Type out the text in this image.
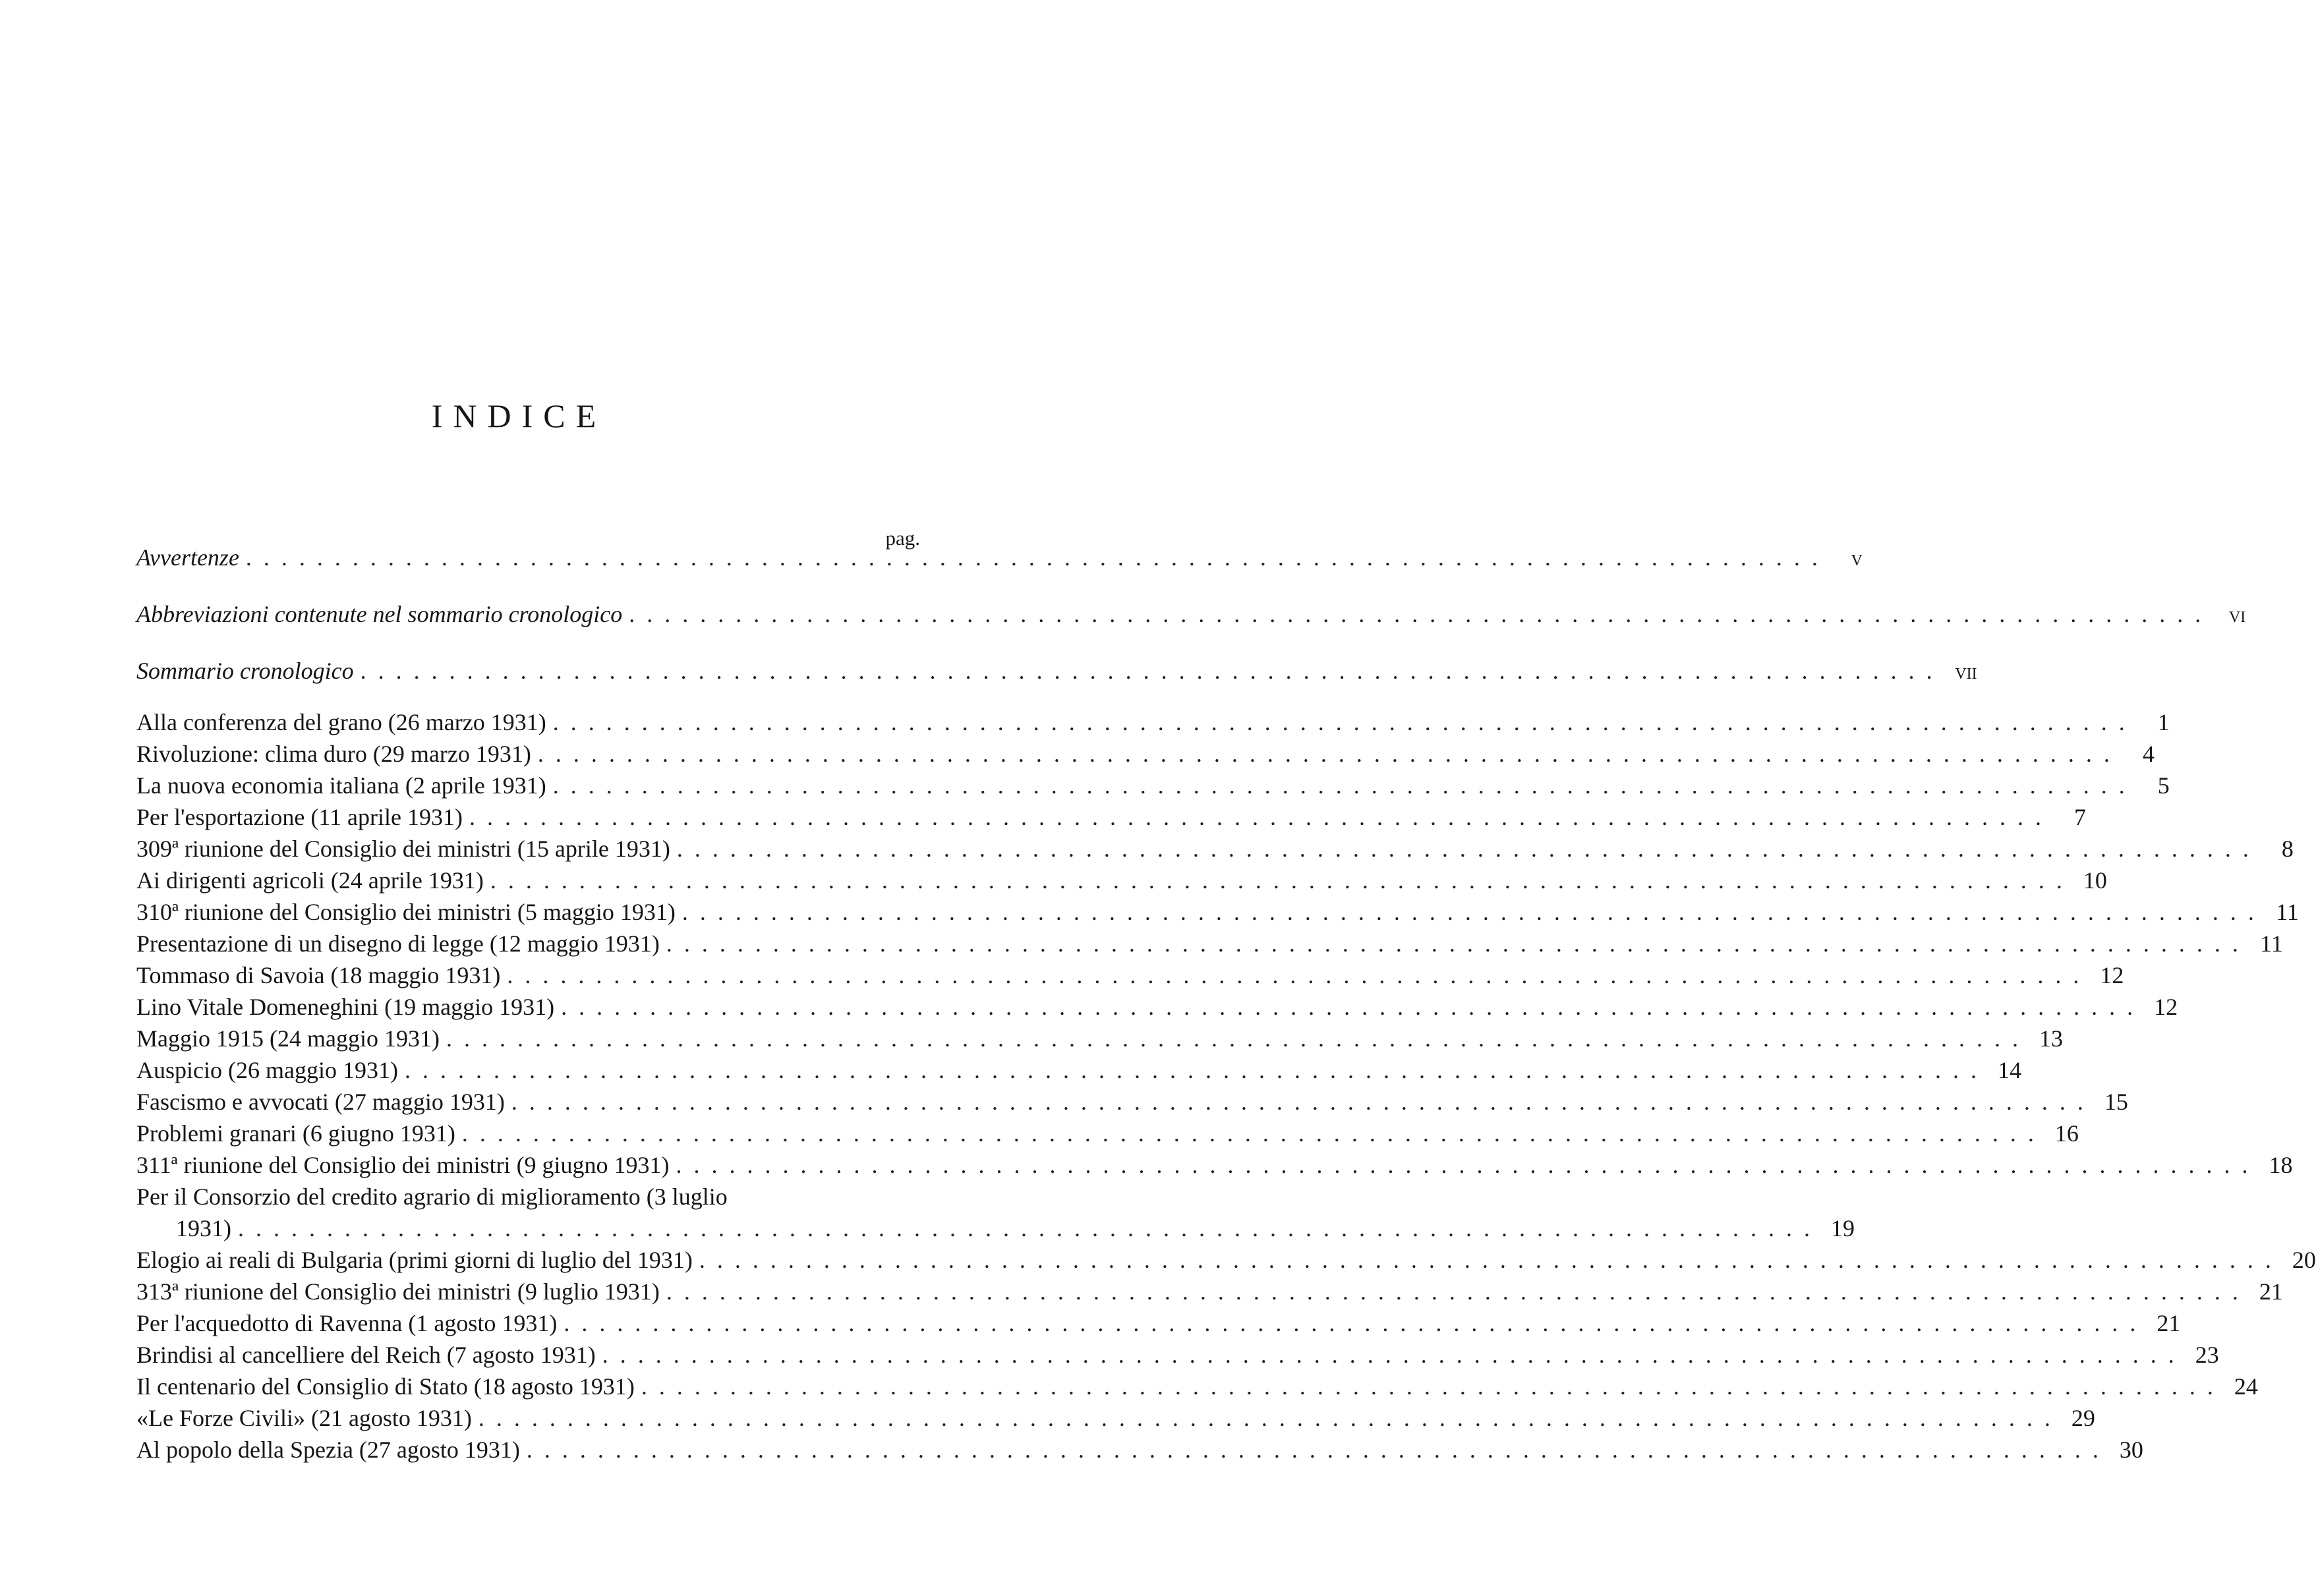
INDICE
pag.
Avvertenze ......................................................................................... v
Abbreviazioni contenute nel sommario cronologico ......................................................................................... vi
Sommario cronologico ......................................................................................... vii
Alla conferenza del grano (26 marzo 1931) ......................................................................................... 1
Rivoluzione: clima duro (29 marzo 1931) ......................................................................................... 4
La nuova economia italiana (2 aprile 1931) ......................................................................................... 5
Per l'esportazione (11 aprile 1931) ......................................................................................... 7
309ª riunione del Consiglio dei ministri (15 aprile 1931) ......................................................................................... 8
Ai dirigenti agricoli (24 aprile 1931) ......................................................................................... 10
310ª riunione del Consiglio dei ministri (5 maggio 1931) ......................................................................................... 11
Presentazione di un disegno di legge (12 maggio 1931) ......................................................................................... 11
Tommaso di Savoia (18 maggio 1931) ......................................................................................... 12
Lino Vitale Domeneghini (19 maggio 1931) ......................................................................................... 12
Maggio 1915 (24 maggio 1931) ......................................................................................... 13
Auspicio (26 maggio 1931) ......................................................................................... 14
Fascismo e avvocati (27 maggio 1931) ......................................................................................... 15
Problemi granari (6 giugno 1931) ......................................................................................... 16
311ª riunione del Consiglio dei ministri (9 giugno 1931) ......................................................................................... 18
Per il Consorzio del credito agrario di miglioramento (3 luglio
1931) ......................................................................................... 19
Elogio ai reali di Bulgaria (primi giorni di luglio del 1931) ......................................................................................... 20
313ª riunione del Consiglio dei ministri (9 luglio 1931) ......................................................................................... 21
Per l'acquedotto di Ravenna (1 agosto 1931) ......................................................................................... 21
Brindisi al cancelliere del Reich (7 agosto 1931) ......................................................................................... 23
Il centenario del Consiglio di Stato (18 agosto 1931) ......................................................................................... 24
«Le Forze Civili» (21 agosto 1931) ......................................................................................... 29
Al popolo della Spezia (27 agosto 1931) ......................................................................................... 30
